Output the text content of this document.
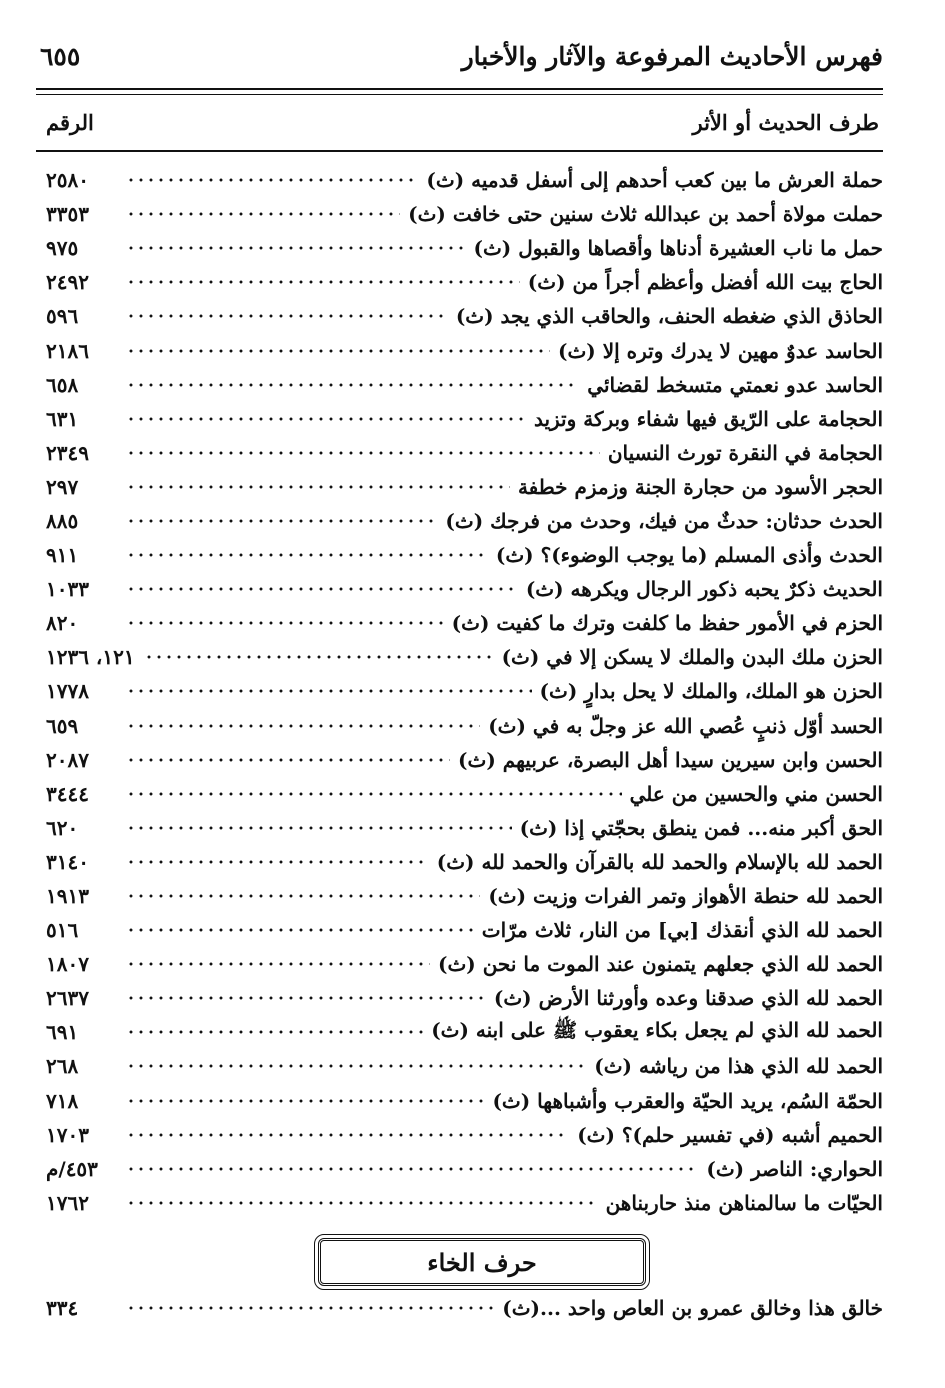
٦٥٥	فهرس الأحاديث المرفوعة والآثار والأخبار
الرقم	طرف الحديث أو الأثر
حملة العرش ما بين كعب أحدهم إلى أسفل قدميه (ث)
٢٥٨٠
حملت مولاة أحمد بن عبدالله ثلاث سنين حتى خافت (ث)
٣٣٥٣
حمل ما ناب العشيرة أدناها وأقصاها والقبول (ث)
٩٧٥
الحاج بيت الله أفضل وأعظم أجراً من (ث)
٢٤٩٢
الحاذق الذي ضغطه الحنف، والحاقب الذي يجد (ث)
٥٩٦
الحاسد عدوٌ مهين لا يدرك وتره إلا (ث)
٢١٨٦
الحاسد عدو نعمتي متسخط لقضائي
٦٥٨
الحجامة على الرّيق فيها شفاء وبركة وتزيد
٦٣١
الحجامة في النقرة تورث النسيان
٢٣٤٩
الحجر الأسود من حجارة الجنة وزمزم خطفة
٢٩٧
الحدث حدثان: حدثٌ من فيك، وحدث من فرجك (ث)
٨٨٥
الحدث وأذى المسلم (ما يوجب الوضوء)؟ (ث)
٩١١
الحديث ذكرٌ يحبه ذكور الرجال ويكرهه (ث)
١٠٣٣
الحزم في الأمور حفظ ما كلفت وترك ما كفيت (ث)
٨٢٠
الحزن ملك البدن والملك لا يسكن إلا في (ث)
١٢١، ١٢٣٦
الحزن هو الملك، والملك لا يحل بدارٍ (ث)
١٧٧٨
الحسد أوّل ذنبٍ عُصي الله عز وجلّ به في (ث)
٦٥٩
الحسن وابن سيرين سيدا أهل البصرة، عربيهم (ث)
٢٠٨٧
الحسن مني والحسين من علي
٣٤٤٤
الحق أكبر منه... فمن ينطق بحجّتي إذا (ث)
٦٢٠
الحمد لله بالإسلام والحمد لله بالقرآن والحمد لله (ث)
٣١٤٠
الحمد لله حنطة الأهواز وتمر الفرات وزيت (ث)
١٩١٣
الحمد لله الذي أنقذك [بي] من النار، ثلاث مرّات
٥١٦
الحمد لله الذي جعلهم يتمنون عند الموت ما نحن (ث)
١٨٠٧
الحمد لله الذي صدقنا وعده وأورثنا الأرض (ث)
٢٦٣٧
الحمد لله الذي لم يجعل بكاء يعقوب ﷺ على ابنه (ث)
٦٩١
الحمد لله الذي هذا من رياشه (ث)
٢٦٨
الحمّة السُم، يريد الحيّة والعقرب وأشباهها (ث)
٧١٨
الحميم أشبه (في تفسير حلم)؟ (ث)
١٧٠٣
الحواري: الناصر (ث)
٤٥٣/م
الحيّات ما سالمناهن منذ حاربناهن
١٧٦٢
حرف الخاء
خالق هذا وخالق عمرو بن العاص واحد ...(ث)
٣٣٤
